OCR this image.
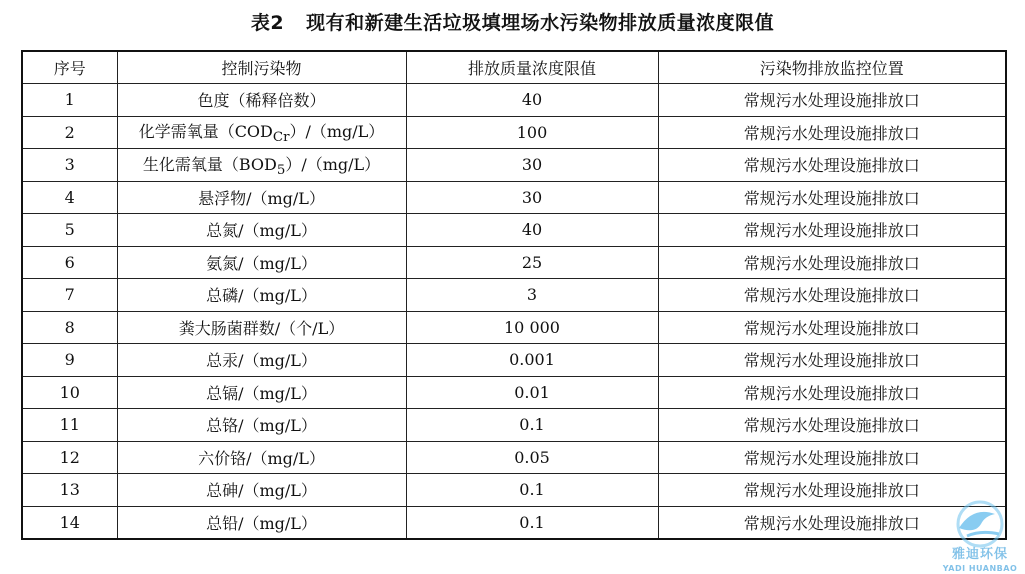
表2 现有和新建生活垃圾填埋场水污染物排放质量浓度限值
序号	控制污染物	排放质量浓度限值	污染物排放监控位置
1	色度（稀释倍数）	40	常规污水处理设施排放口
2	化学需氧量$(COD_{Cr})/(mg/L)$	100	常规污水处理设施排放口
3	生化需氧量$(BOD_5)/(mg/L)$	30	常规污水处理设施排放口
4	悬浮物/（mg/L）	30	常规污水处理设施排放口
5	总氮/（mg/L）	40	常规污水处理设施排放口
6	氨氮/（mg/L）	25	常规污水处理设施排放口
7	总磷/（mg/L）	3	常规污水处理设施排放口
8	粪大肠菌群数/（个/L）	10 000	常规污水处理设施排放口
9	总汞/（mg/L）	0.001	常规污水处理设施排放口
10	总镉/（mg/L）	0.01	常规污水处理设施排放口
11	总铬/（mg/L）	0.1	常规污水处理设施排放口
12	六价铬/（mg/L）	0.05	常规污水处理设施排放口
13	总砷/（mg/L）	0.1	常规污水处理设施排放口
14	总铅/（mg/L）	0.1	常规污水处理设施排放口
雅迪环保
YADI HUANBAO
